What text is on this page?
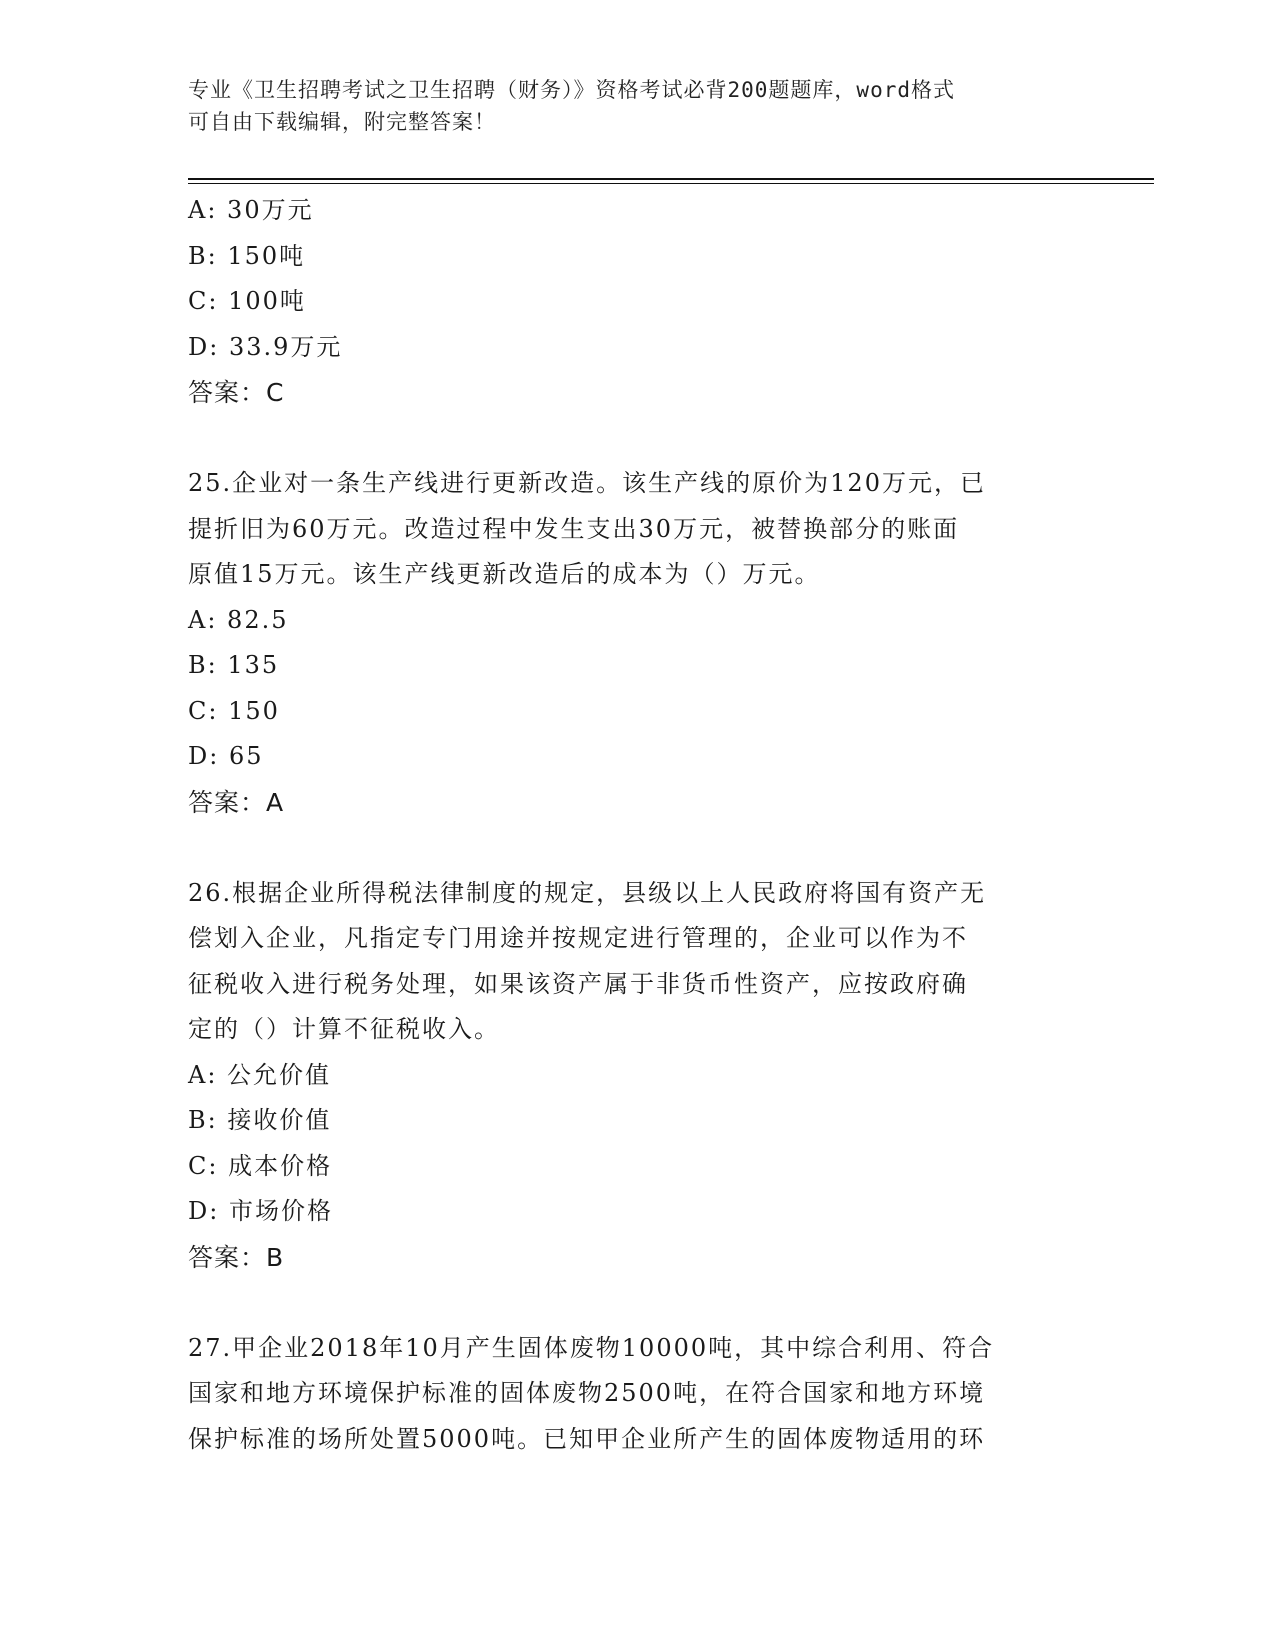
专业《卫生招聘考试之卫生招聘（财务）》资格考试必背200题题库，word格式
可自由下载编辑，附完整答案！
A: 30万元
B: 150吨
C: 100吨
D: 33.9万元
答案：C
25.企业对一条生产线进行更新改造。该生产线的原价为120万元，已
提折旧为60万元。改造过程中发生支出30万元，被替换部分的账面
原值15万元。该生产线更新改造后的成本为（）万元。
A: 82.5
B: 135
C: 150
D: 65
答案：A
26.根据企业所得税法律制度的规定，县级以上人民政府将国有资产无
偿划入企业，凡指定专门用途并按规定进行管理的，企业可以作为不
征税收入进行税务处理，如果该资产属于非货币性资产，应按政府确
定的（）计算不征税收入。
A: 公允价值
B: 接收价值
C: 成本价格
D: 市场价格
答案：B
27.甲企业2018年10月产生固体废物10000吨，其中综合利用、符合
国家和地方环境保护标准的固体废物2500吨，在符合国家和地方环境
保护标准的场所处置5000吨。已知甲企业所产生的固体废物适用的环
